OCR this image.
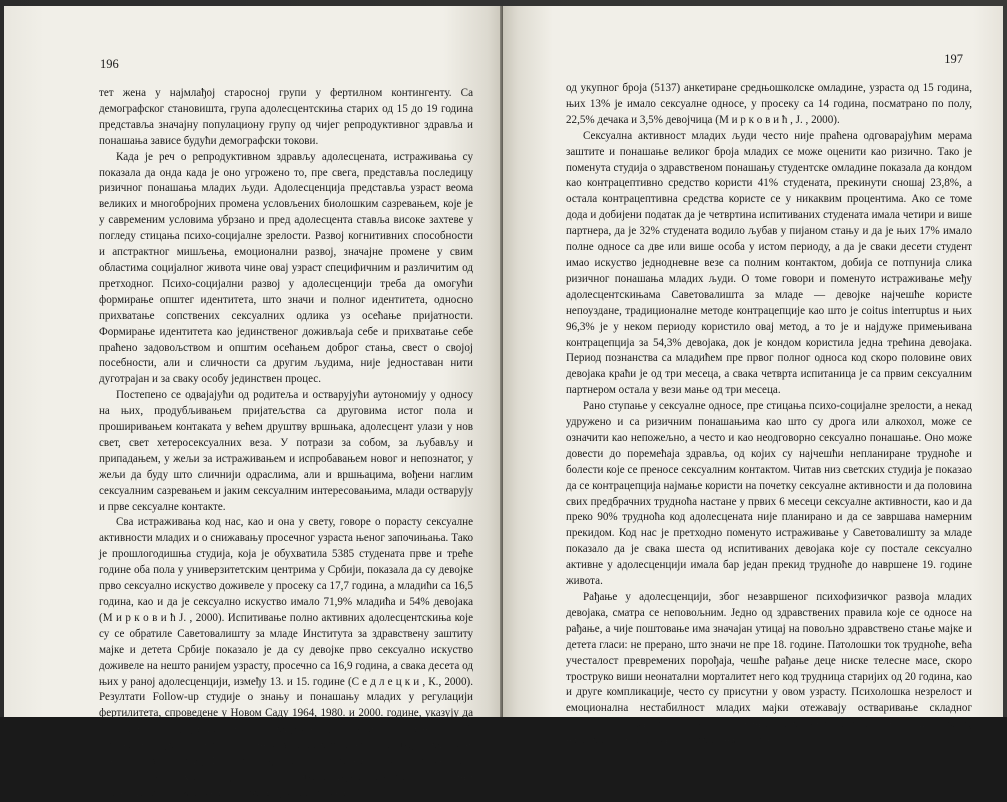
196

тет жена у најмлађој старосној групи у фертилном контингенту. Са демографског становишта, група адолесцентскиња старих од 15 до 19 година представља значајну популациону групу од чијег репродуктивног здравља и понашања зависе будући демографски токови.

Када је реч о репродуктивном здрављу адолесцената, истраживања су показала да онда када је оно угрожено то, пре свега, представља последицу ризичног понашања младих људи. Адолесценција представља узраст веома великих и многобројних промена условљених биолошким сазревањем, које је у савременим условима убрзано и пред адолесцента ставља високе захтеве у погледу стицања психо-социјалне зрелости. Развој когнитивних способности и апстрактног мишљења, емоционални развој, значајне промене у свим областима социјалног живота чине овај узраст специфичним и различитим од претходног. Психо-социјални развој у адолесценцији треба да омогући формирање општег идентитета, што значи и полног идентитета, односно прихватање сопствених сексуалних одлика уз осећање пријатности. Формирање идентитета као јединственог доживљаја себе и прихватање себе праћено задовољством и општим осећањем доброг стања, свест о својој посебности, али и сличности са другим људима, није једноставан нити дуготрајан и за сваку особу јединствен процес.

Постепено се одвајајући од родитеља и остварујући аутономију у односу на њих, продубљивањем пријатељства са друговима истог пола и проширивањем контаката у већем друштву вршњака, адолесцент улази у нов свет, свет хетеросексуалних веза. У потрази за собом, за љубављу и припадањем, у жељи за истраживањем и испробавањем новог и непознатог, у жељи да буду што сличнији одраслима, али и вршњацима, вођени наглим сексуалним сазревањем и јаким сексуалним интересовањима, млади остварују и прве сексуалне контакте.

Сва истраживања код нас, као и она у свету, говоре о порасту сексуалне активности младих и о снижавању просечног узраста њеног започињања. Тако је прошлогодишња студија, која је обухватила 5385 студената прве и треће године оба пола у универзитетским центрима у Србији, показала да су девојке прво сексуално искуство доживеле у просеку са 17,7 година, а младићи са 16,5 година, као и да је сексуално искуство имало 71,9% младића и 54% девојака (М и р к о в и ћ Ј. , 2000). Испитивање полно активних адолесцентскиња које су се обратиле Саветовалишту за младе Института за здравствену заштиту мајке и детета Србије показало је да су девојке прво сексуално искуство доживеле на нешто ранијем узрасту, просечно са 16,9 година, а свака десета од њих у раној адолесценцији, између 13. и 15. године (С е д л е ц к и , К., 2000). Резултати Follow-up студије о знању и понашању младих у регулацији фертилитета, спроведене у Новом Саду 1964, 1980. и 2000. године, указују да су у све три студије девојке први сексуални однос имале просечно око 16. године, а да је проценат испитаних адолесцентскиња које имају сексуалне односе порастао са 2 у 1964. години, преко 9 у 1980. на 26 у 2000. години (С т а н у л о в и ћ - К а п о р , Н., 2000). Према студији здравственог понашања средњошколске омладине, спроведеној 2000. године,

197

од укупног броја (5137) анкетиране средњошколске омладине, узраста од 15 година, њих 13% је имало сексуалне односе, у просеку са 14 година, посматрано по полу, 22,5% дечака и 3,5% девојчица (М и р к о в и ћ , Ј. , 2000).

Сексуална активност младих људи често није праћена одговарајућим мерама заштите и понашање великог броја младих се може оценити као ризично. Тако је поменута студија о здравственом понашању студентске омладине показала да кондом као контрацептивно средство користи 41% студената, прекинути сношај 23,8%, а остала контрацептивна средства користе се у никаквим процентима. Ако се томе дода и добијени податак да је четвртина испитиваних студената имала четири и више партнера, да је 32% студената водило љубав у пијаном стању и да је њих 17% имало полне односе са две или више особа у истом периоду, а да је сваки десети студент имао искуство једнодневне везе са полним контактом, добија се потпунија слика ризичног понашања младих људи. О томе говори и поменуто истраживање међу адолесцентскињама Саветовалишта за младе — девојке најчешће користе непоуздане, традиционалне методе контрацепције као што је coitus interruptus и њих 96,3% је у неком периоду користило овај метод, а то је и најдуже примењивана контрацепција за 54,3% девојака, док је кондом користила једна трећина девојака. Период познанства са младићем пре првог полног односа код скоро половине ових девојака краћи је од три месеца, а свака четврта испитаница је са првим сексуалним партнером остала у вези мање од три месеца.

Рано ступање у сексуалне односе, пре стицања психо-социјалне зрелости, а некад удружено и са ризичним понашањима као што су дрога или алкохол, може се означити као непожељно, а често и као неодговорно сексуално понашање. Оно може довести до поремећаја здравља, од којих су најчешћи непланиране трудноће и болести које се преносе сексуалним контактом. Читав низ светских студија је показао да се контрацепција најмање користи на почетку сексуалне активности и да половина свих предбрачних трудноћа настане у првих 6 месеци сексуалне активности, као и да преко 90% трудноћа код адолесцената није планирано и да се завршава намерним прекидом. Код нас је претходно поменуто истраживање у Саветовалишту за младе показало да је свака шеста од испитиваних девојака које су постале сексуално активне у адолесценцији имала бар један прекид трудноће до навршене 19. године живота.

Рађање у адолесценцији, због незавршеног психофизичког развоја младих девојака, сматра се неповољним. Једно од здравствених правила које се односе на рађање, а чије поштовање има значајан утицај на повољно здравствено стање мајке и детета гласи: не прерано, што значи не пре 18. године. Патолошки ток трудноће, већа учесталост превремених порођаја, чешће рађање деце ниске телесне масе, скоро троструко виши неонатални морталитет него код трудница старијих од 20 година, као и друге компликације, често су присутни у овом узрасту. Психолошка незрелост и емоционална нестабилност младих мајки отежавају остваривање складног породичног живота, правилно одгајање деце, често значе прекид школовања, неизвесну перспективу професионалног ангажова-
